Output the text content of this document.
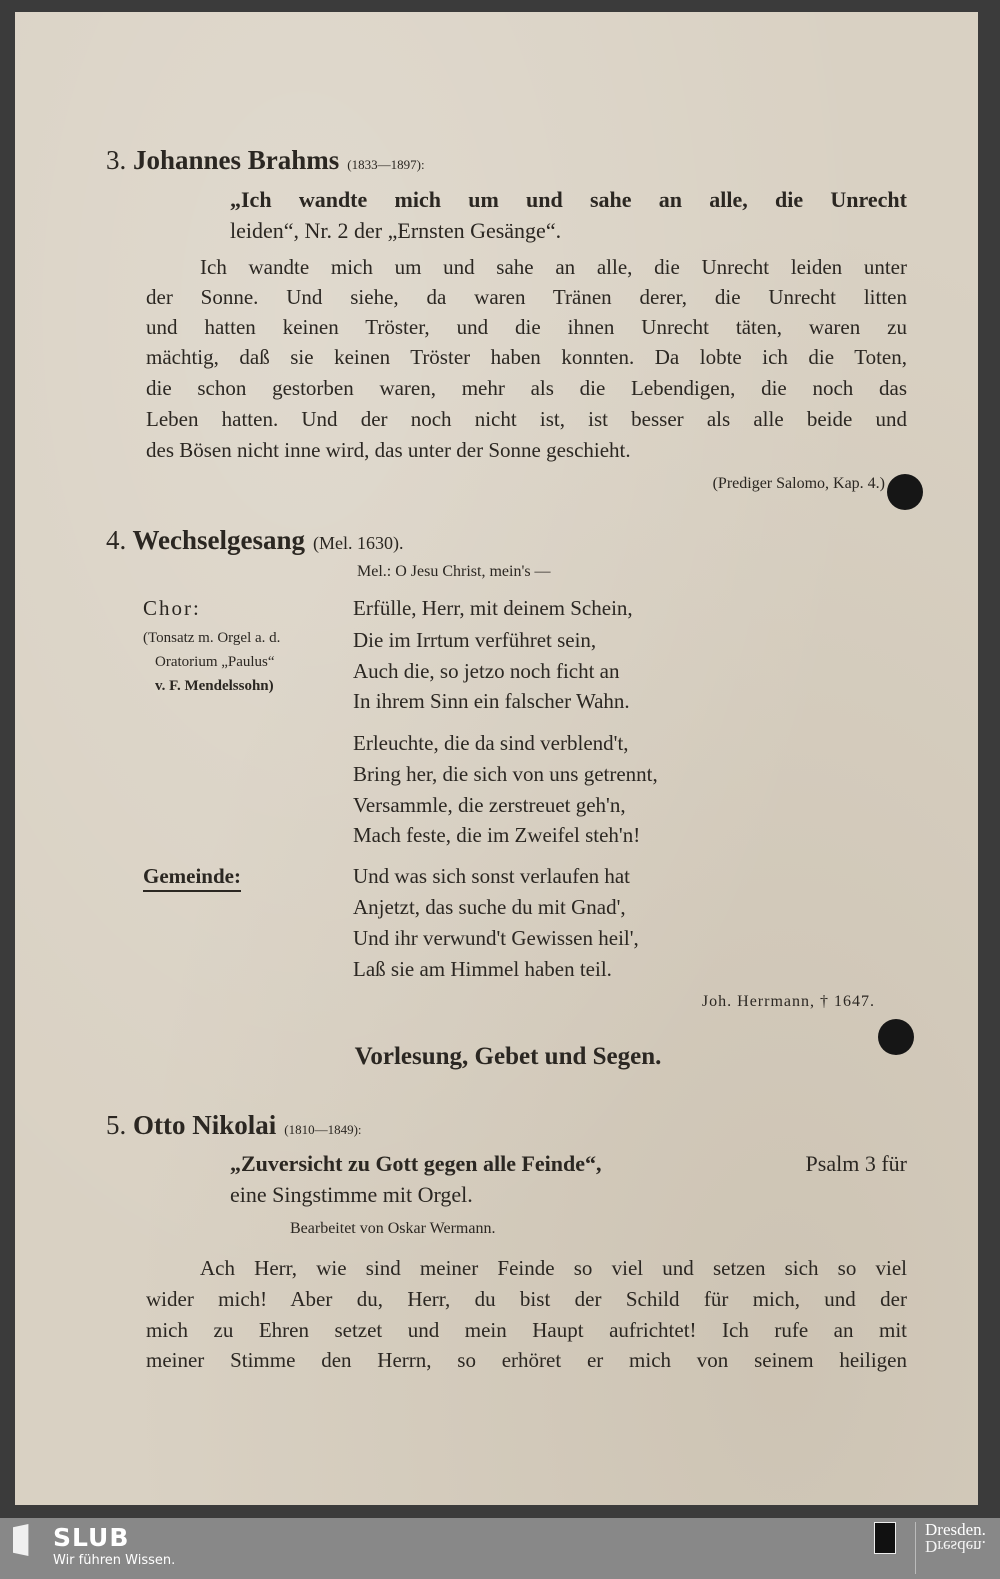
3. Johannes Brahms (1833—1897):
„Ich wandte mich um und sahe an alle, die Unrecht
leiden“, Nr. 2 der „Ernsten Gesänge“.
Ich wandte mich um und sahe an alle, die Unrecht leiden unter
der Sonne. Und siehe, da waren Tränen derer, die Unrecht litten
und hatten keinen Tröster, und die ihnen Unrecht täten, waren zu
mächtig, daß sie keinen Tröster haben konnten. Da lobte ich die Toten,
die schon gestorben waren, mehr als die Lebendigen, die noch das
Leben hatten. Und der noch nicht ist, ist besser als alle beide und
des Bösen nicht inne wird, das unter der Sonne geschieht.
(Prediger Salomo, Kap. 4.)
4. Wechselgesang (Mel. 1630).
Mel.: O Jesu Christ, mein's —
Chor:
(Tonsatz m. Orgel a. d.
Oratorium „Paulus“
v. F. Mendelssohn)
Gemeinde:
Erfülle, Herr, mit deinem Schein,
Die im Irrtum verführet sein,
Auch die, so jetzo noch ficht an
In ihrem Sinn ein falscher Wahn.
Erleuchte, die da sind verblend't,
Bring her, die sich von uns getrennt,
Versammle, die zerstreuet geh'n,
Mach feste, die im Zweifel steh'n!
Und was sich sonst verlaufen hat
Anjetzt, das suche du mit Gnad',
Und ihr verwund't Gewissen heil',
Laß sie am Himmel haben teil.
Joh. Herrmann, † 1647.
Vorlesung, Gebet und Segen.
5. Otto Nikolai (1810—1849):
„Zuversicht zu Gott gegen alle Feinde“,	Psalm 3 für
eine Singstimme mit Orgel.
Bearbeitet von Oskar Wermann.
Ach Herr, wie sind meiner Feinde so viel und setzen sich so viel
wider mich! Aber du, Herr, du bist der Schild für mich, und der
mich zu Ehren setzet und mein Haupt aufrichtet! Ich rufe an mit
meiner Stimme den Herrn, so erhöret er mich von seinem heiligen
SLUB
Wir führen Wissen.
Dresden.
Dresden.
